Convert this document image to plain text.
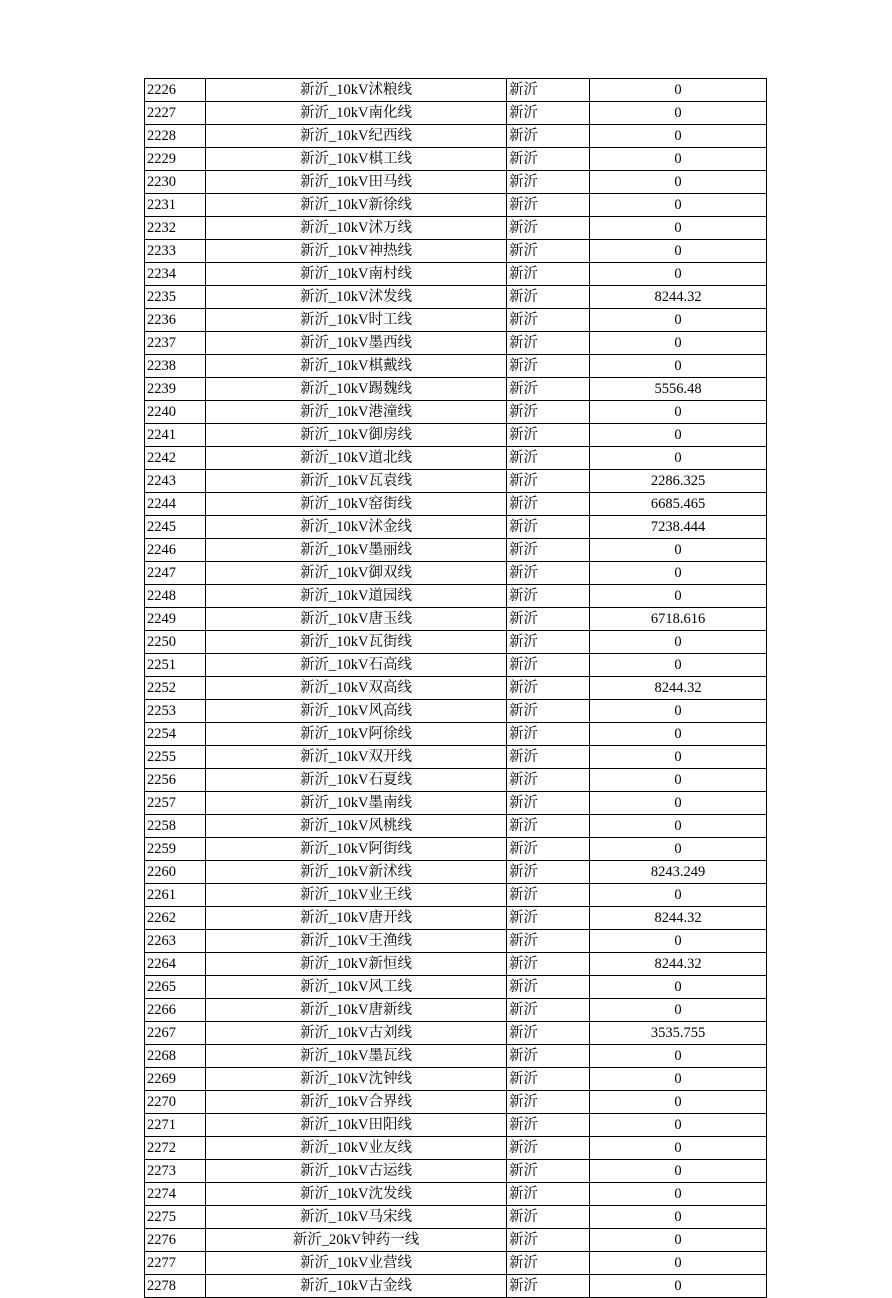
2226	新沂_10kV沭粮线	新沂	0
2227	新沂_10kV南化线	新沂	0
2228	新沂_10kV纪西线	新沂	0
2229	新沂_10kV棋工线	新沂	0
2230	新沂_10kV田马线	新沂	0
2231	新沂_10kV新徐线	新沂	0
2232	新沂_10kV沭万线	新沂	0
2233	新沂_10kV神热线	新沂	0
2234	新沂_10kV南村线	新沂	0
2235	新沂_10kV沭发线	新沂	8244.32
2236	新沂_10kV时工线	新沂	0
2237	新沂_10kV墨西线	新沂	0
2238	新沂_10kV棋戴线	新沂	0
2239	新沂_10kV踢魏线	新沂	5556.48
2240	新沂_10kV港潼线	新沂	0
2241	新沂_10kV御房线	新沂	0
2242	新沂_10kV道北线	新沂	0
2243	新沂_10kV瓦袁线	新沂	2286.325
2244	新沂_10kV窑街线	新沂	6685.465
2245	新沂_10kV沭金线	新沂	7238.444
2246	新沂_10kV墨丽线	新沂	0
2247	新沂_10kV御双线	新沂	0
2248	新沂_10kV道园线	新沂	0
2249	新沂_10kV唐玉线	新沂	6718.616
2250	新沂_10kV瓦街线	新沂	0
2251	新沂_10kV石高线	新沂	0
2252	新沂_10kV双高线	新沂	8244.32
2253	新沂_10kV风高线	新沂	0
2254	新沂_10kV阿徐线	新沂	0
2255	新沂_10kV双开线	新沂	0
2256	新沂_10kV石夏线	新沂	0
2257	新沂_10kV墨南线	新沂	0
2258	新沂_10kV风桃线	新沂	0
2259	新沂_10kV阿街线	新沂	0
2260	新沂_10kV新沭线	新沂	8243.249
2261	新沂_10kV业王线	新沂	0
2262	新沂_10kV唐开线	新沂	8244.32
2263	新沂_10kV王渔线	新沂	0
2264	新沂_10kV新恒线	新沂	8244.32
2265	新沂_10kV风工线	新沂	0
2266	新沂_10kV唐新线	新沂	0
2267	新沂_10kV古刘线	新沂	3535.755
2268	新沂_10kV墨瓦线	新沂	0
2269	新沂_10kV沈钟线	新沂	0
2270	新沂_10kV合界线	新沂	0
2271	新沂_10kV田阳线	新沂	0
2272	新沂_10kV业友线	新沂	0
2273	新沂_10kV古运线	新沂	0
2274	新沂_10kV沈发线	新沂	0
2275	新沂_10kV马宋线	新沂	0
2276	新沂_20kV钟药一线	新沂	0
2277	新沂_10kV业营线	新沂	0
2278	新沂_10kV古金线	新沂	0
